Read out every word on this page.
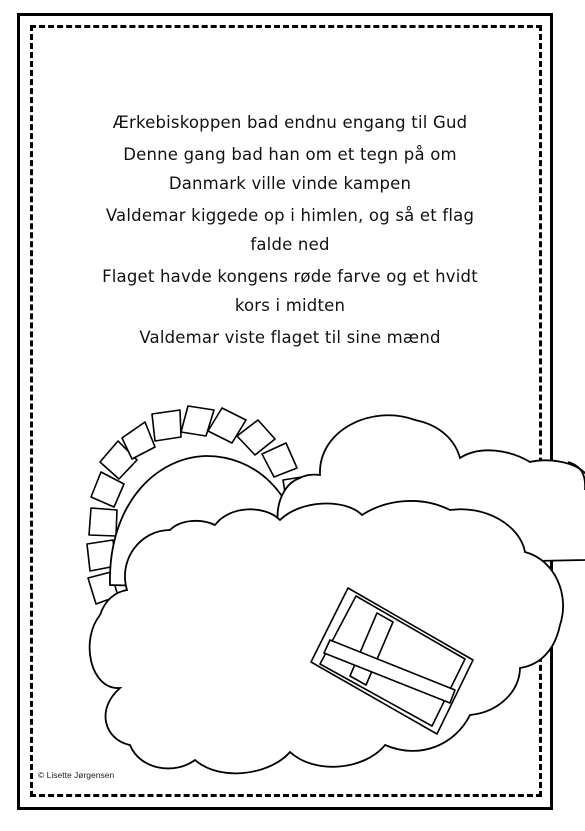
Ærkebiskoppen bad endnu engang til Gud

Denne gang bad han om et tegn på om

Danmark ville vinde kampen

Valdemar kiggede op i himlen, og så et flag

falde ned

Flaget havde kongens røde farve og et hvidt

kors i midten

Valdemar viste flaget til sine mænd

© Lisette Jørgensen
